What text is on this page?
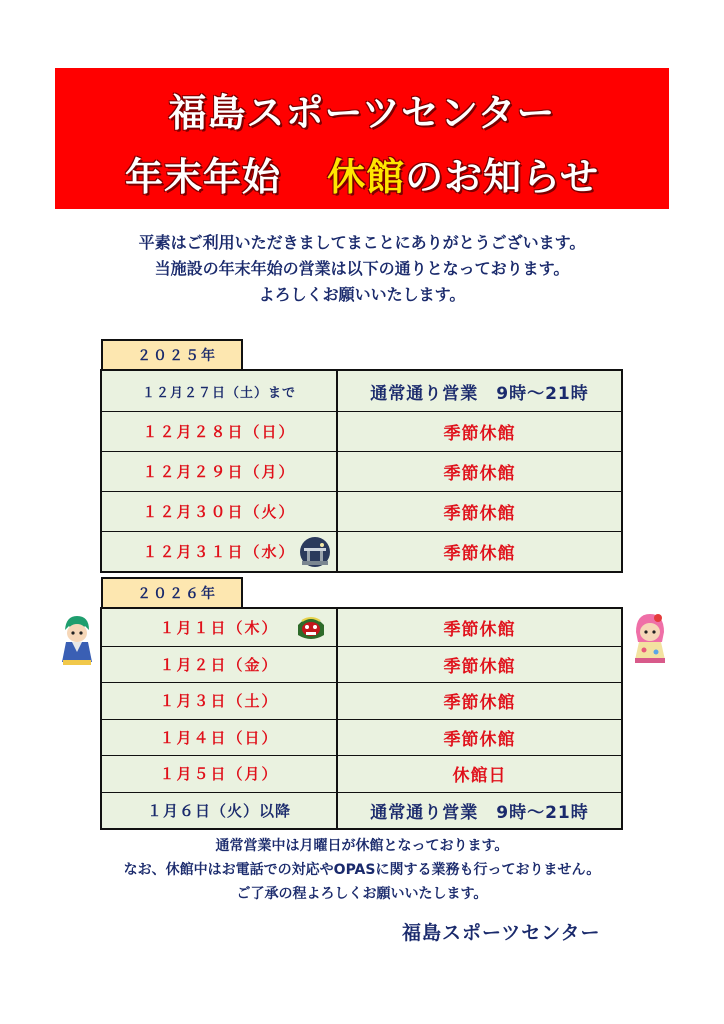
福島スポーツセンター
年末年始 休館のお知らせ
平素はご利用いただきましてまことにありがとうございます。
当施設の年末年始の営業は以下の通りとなっております。
よろしくお願いいたします。
２０２５年
１２月２７日（土）まで	通常通り営業　9時～21時
１２月２８日（日）	季節休館
１２月２９日（月）	季節休館
１２月３０日（火）	季節休館
１２月３１日（水）	季節休館
２０２６年
１月１日（木）	季節休館
１月２日（金）	季節休館
１月３日（土）	季節休館
１月４日（日）	季節休館
１月５日（月）	休館日
１月６日（火）以降	通常通り営業　9時～21時
通常営業中は月曜日が休館となっております。
なお、休館中はお電話での対応やOPASに関する業務も行っておりません。
ご了承の程よろしくお願いいたします。
福島スポーツセンター
